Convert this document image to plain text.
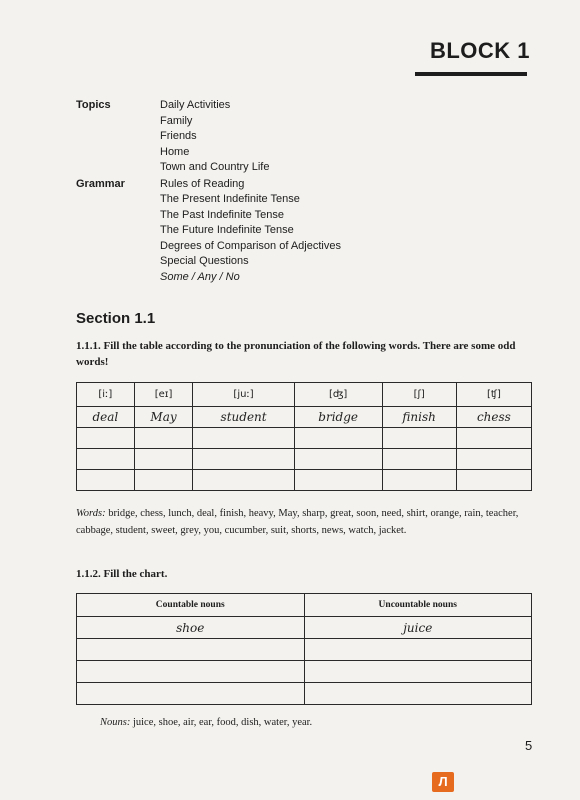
BLOCK 1
Topics	Daily Activities
Family
Friends
Home
Town and Country Life
Grammar	Rules of Reading
The Present Indefinite Tense
The Past Indefinite Tense
The Future Indefinite Tense
Degrees of Comparison of Adjectives
Special Questions
Some / Any / No
Section 1.1
1.1.1. Fill the table according to the pronunciation of the following words. There are some odd words!
[iː]	[eɪ]	[juː]	[ʤ]	[ʃ]	[ʧ]
deal	May	student	bridge	finish	chess

Words: bridge, chess, lunch, deal, finish, heavy, May, sharp, great, soon, need, shirt, orange, rain, teacher, cabbage, student, sweet, grey, you, cucumber, suit, shorts, news, watch, jacket.
1.1.2. Fill the chart.
Countable nouns	Uncountable nouns
shoe	juice

Nouns: juice, shoe, air, ear, food, dish, water, year.
5
Л
